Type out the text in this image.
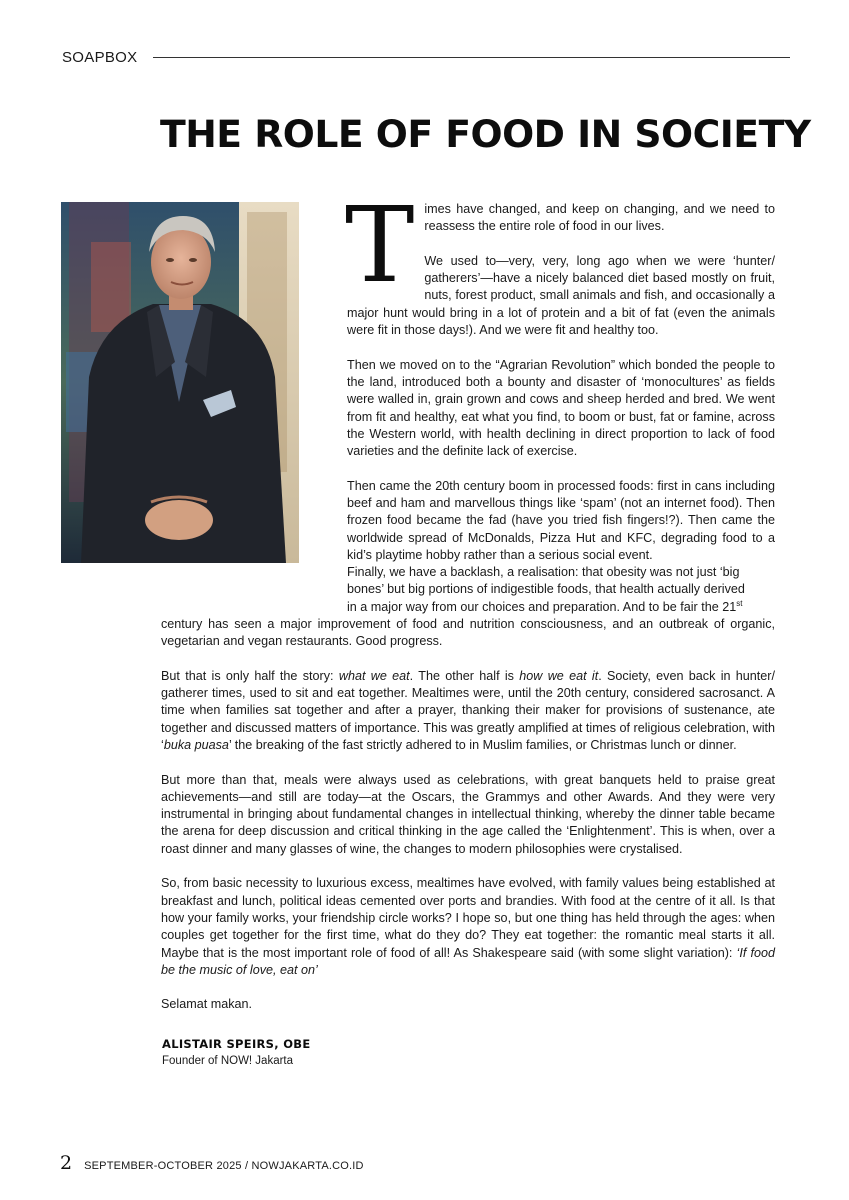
SOAPBOX
THE ROLE OF FOOD IN SOCIETY

Times have changed, and keep on changing, and we need to reassess the entire role of food in our lives.

We used to—very, very, long ago when we were ‘hunter/ gatherers’—have a nicely balanced diet based mostly on fruit, nuts, forest product, small animals and fish, and occasionally a major hunt would bring in a lot of protein and a bit of fat (even the animals were fit in those days!). And we were fit and healthy too.

Then we moved on to the “Agrarian Revolution” which bonded the people to the land, introduced both a bounty and disaster of ‘monocultures’ as fields were walled in, grain grown and cows and sheep herded and bred. We went from fit and healthy, eat what you find, to boom or bust, fat or famine, across the Western world, with health declining in direct proportion to lack of food varieties and the definite lack of exercise.

Then came the 20th century boom in processed foods: first in cans including beef and ham and marvellous things like ‘spam’ (not an internet food). Then frozen food became the fad (have you tried fish fingers!?). Then came the worldwide spread of McDonalds, Pizza Hut and KFC, degrading food to a kid’s playtime hobby rather than a serious social event.

Finally, we have a backlash, a realisation: that obesity was not just ‘big
bones’ but big portions of indigestible foods, that health actually derived
in a major way from our choices and preparation. And to be fair the 21st
century has seen a major improvement of food and nutrition consciousness, and an outbreak of organic, vegetarian and vegan restaurants. Good progress.

But that is only half the story: what we eat. The other half is how we eat it. Society, even back in hunter/ gatherer times, used to sit and eat together. Mealtimes were, until the 20th century, considered sacrosanct. A time when families sat together and after a prayer, thanking their maker for provisions of sustenance, ate together and discussed matters of importance. This was greatly amplified at times of religious celebration, with ‘buka puasa’ the breaking of the fast strictly adhered to in Muslim families, or Christmas lunch or dinner.

But more than that, meals were always used as celebrations, with great banquets held to praise great achievements—and still are today—at the Oscars, the Grammys and other Awards. And they were very instrumental in bringing about fundamental changes in intellectual thinking, whereby the dinner table became the arena for deep discussion and critical thinking in the age called the ‘Enlightenment’. This is when, over a roast dinner and many glasses of wine, the changes to modern philosophies were crystalised.

So, from basic necessity to luxurious excess, mealtimes have evolved, with family values being established at breakfast and lunch, political ideas cemented over ports and brandies. With food at the centre of it all. Is that how your family works, your friendship circle works? I hope so, but one thing has held through the ages: when couples get together for the first time, what do they do? They eat together: the romantic meal starts it all. Maybe that is the most important role of food of all! As Shakespeare said (with some slight variation): ‘If food be the music of love, eat on’

Selamat makan.

ALISTAIR SPEIRS, OBE
Founder of NOW! Jakarta
2 SEPTEMBER-OCTOBER 2025 / NOWJAKARTA.CO.ID
